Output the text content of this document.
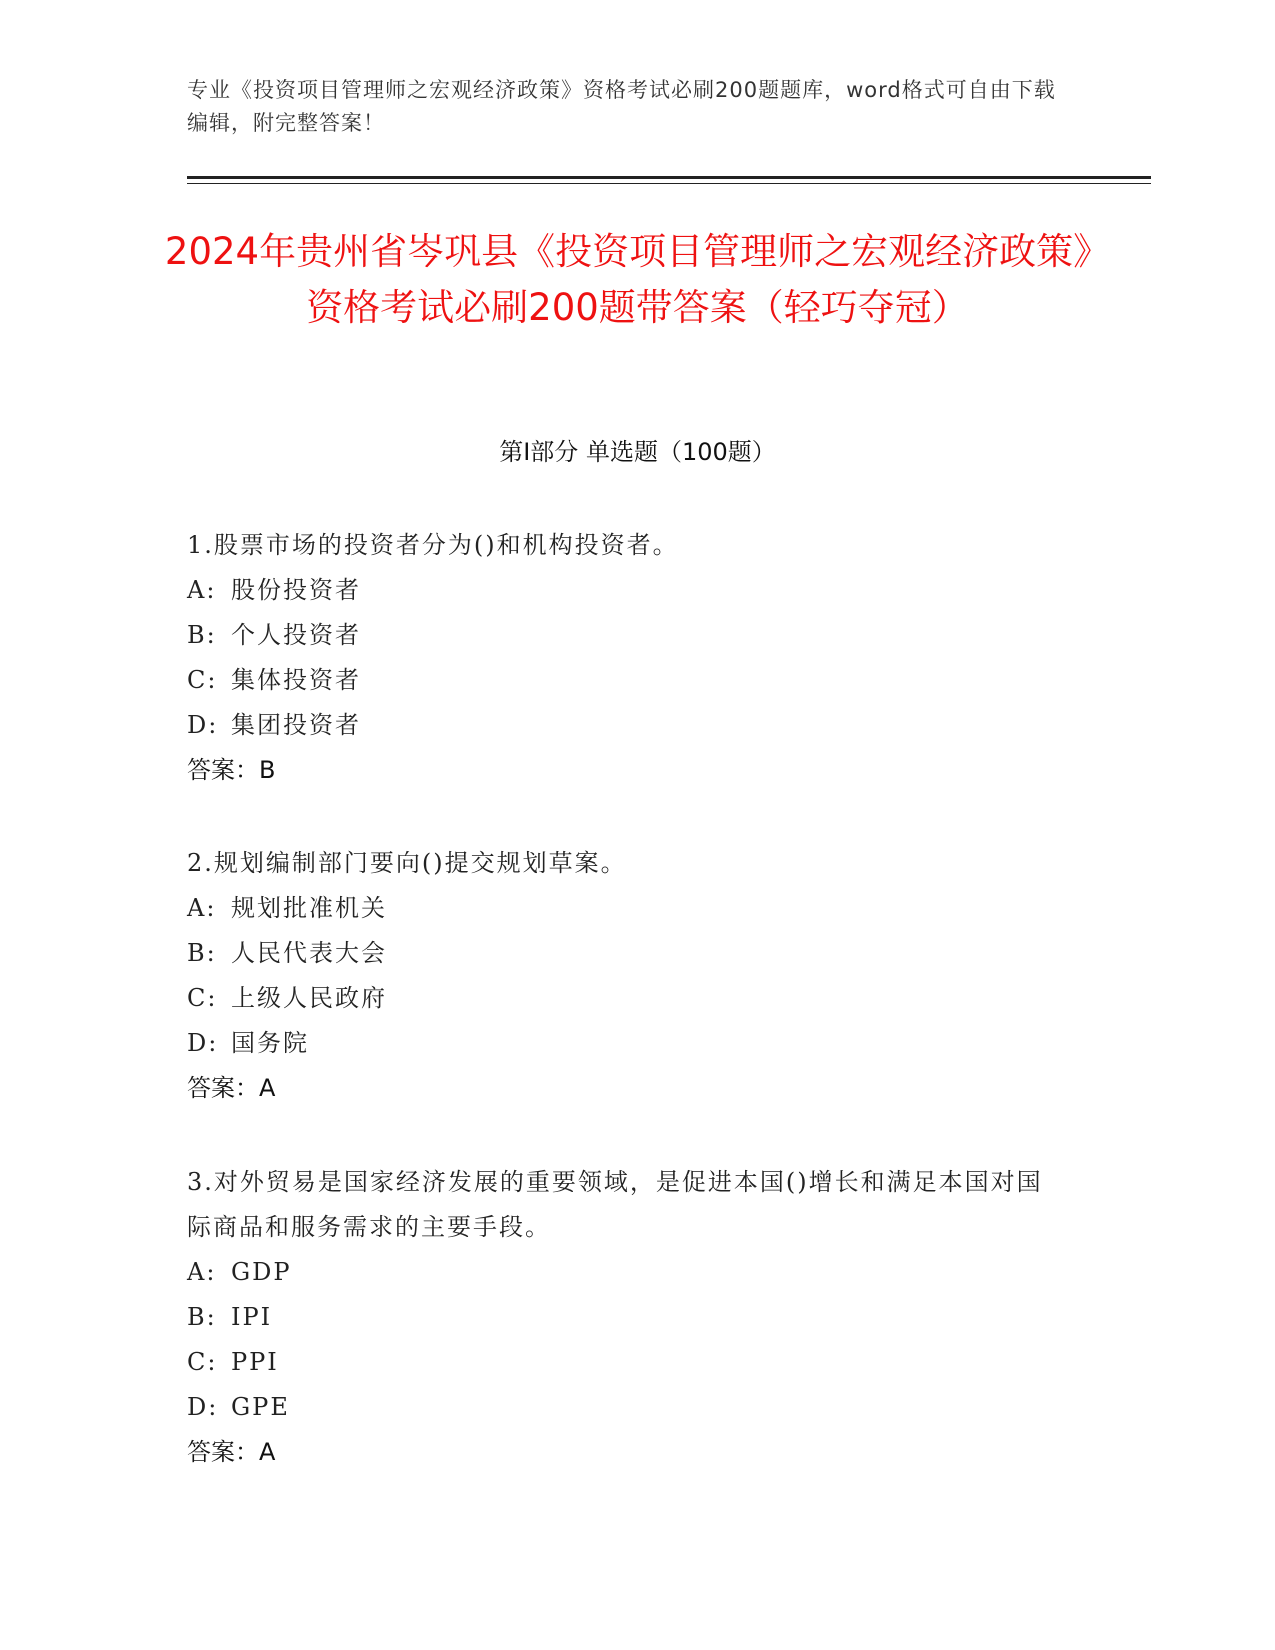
专业《投资项目管理师之宏观经济政策》资格考试必刷200题题库，word格式可自由下载编辑，附完整答案！
2024年贵州省岑巩县《投资项目管理师之宏观经济政策》资格考试必刷200题带答案（轻巧夺冠）
第I部分 单选题（100题）
1.股票市场的投资者分为()和机构投资者。
A: 股份投资者
B: 个人投资者
C: 集体投资者
D: 集团投资者
答案：B
2.规划编制部门要向()提交规划草案。
A: 规划批准机关
B: 人民代表大会
C: 上级人民政府
D: 国务院
答案：A
3.对外贸易是国家经济发展的重要领域，是促进本国()增长和满足本国对国际商品和服务需求的主要手段。
A: GDP
B: IPI
C: PPI
D: GPE
答案：A
